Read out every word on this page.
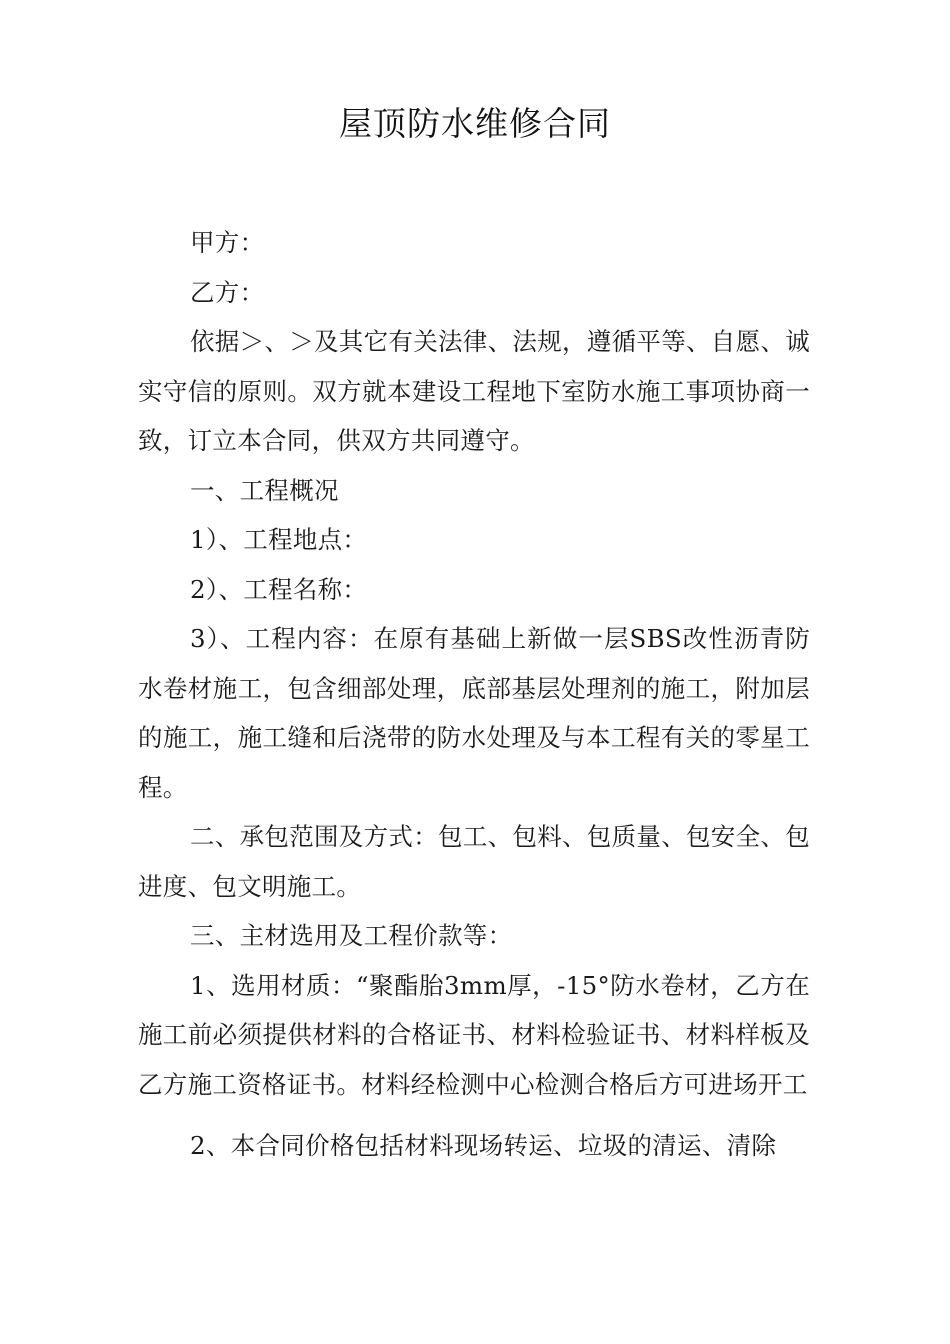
屋顶防水维修合同

甲方：

乙方：

依据＞、＞及其它有关法律、法规，遵循平等、自愿、诚实守信的原则。双方就本建设工程地下室防水施工事项协商一致，订立本合同，供双方共同遵守。

一、工程概况

1）、工程地点：

2）、工程名称：

3）、工程内容：在原有基础上新做一层SBS改性沥青防水卷材施工，包含细部处理，底部基层处理剂的施工，附加层的施工，施工缝和后浇带的防水处理及与本工程有关的零星工程。

二、承包范围及方式：包工、包料、包质量、包安全、包进度、包文明施工。

三、主材选用及工程价款等：

1、选用材质：“聚酯胎3mm厚，-15°防水卷材，乙方在施工前必须提供材料的合格证书、材料检验证书、材料样板及乙方施工资格证书。材料经检测中心检测合格后方可进场开工

2、本合同价格包括材料现场转运、垃圾的清运、清除
